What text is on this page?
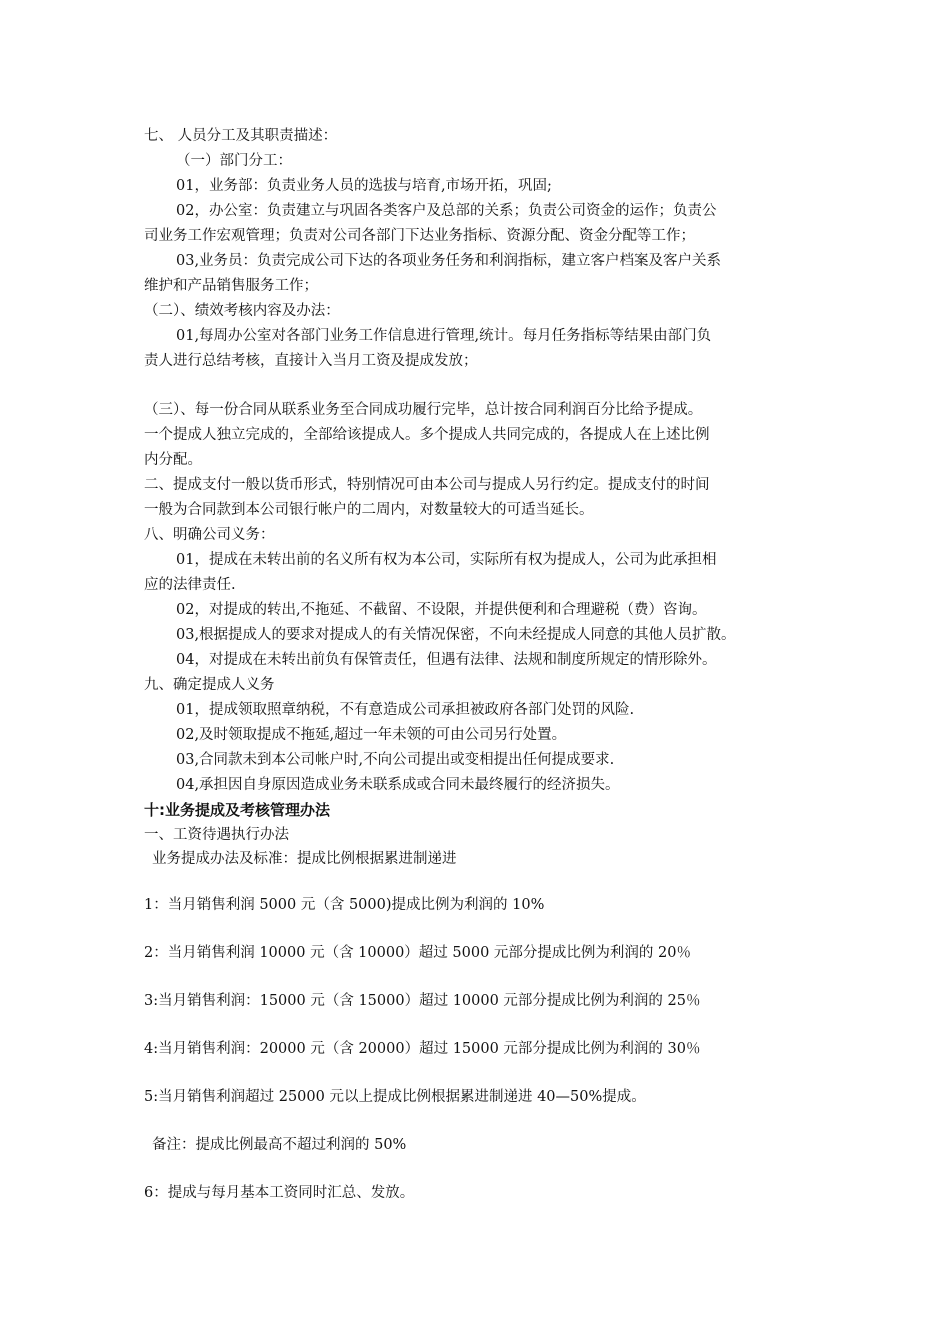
七、 人员分工及其职责描述：
（一）部门分工：
01，业务部：负责业务人员的选拔与培育,市场开拓，巩固;
02，办公室：负责建立与巩固各类客户及总部的关系；负责公司资金的运作；负责公
司业务工作宏观管理；负责对公司各部门下达业务指标、资源分配、资金分配等工作；
03,业务员：负责完成公司下达的各项业务任务和利润指标，建立客户档案及客户关系
维护和产品销售服务工作；
（二）、绩效考核内容及办法：
01,每周办公室对各部门业务工作信息进行管理,统计。每月任务指标等结果由部门负
责人进行总结考核，直接计入当月工资及提成发放；
（三）、每一份合同从联系业务至合同成功履行完毕，总计按合同利润百分比给予提成。
一个提成人独立完成的，全部给该提成人。多个提成人共同完成的，各提成人在上述比例
内分配。
二、提成支付一般以货币形式，特别情况可由本公司与提成人另行约定。提成支付的时间
一般为合同款到本公司银行帐户的二周内，对数量较大的可适当延长。
八、明确公司义务：
01，提成在未转出前的名义所有权为本公司，实际所有权为提成人，公司为此承担相
应的法律责任.
02，对提成的转出,不拖延、不截留、不设限，并提供便利和合理避税（费）咨询。
03,根据提成人的要求对提成人的有关情况保密，不向未经提成人同意的其他人员扩散。
04，对提成在未转出前负有保管责任，但遇有法律、法规和制度所规定的情形除外。
九、确定提成人义务
01，提成领取照章纳税，不有意造成公司承担被政府各部门处罚的风险.
02,及时领取提成不拖延,超过一年未领的可由公司另行处置。
03,合同款未到本公司帐户时,不向公司提出或变相提出任何提成要求.
04,承担因自身原因造成业务未联系成或合同未最终履行的经济损失。
十:业务提成及考核管理办法
一、工资待遇执行办法
业务提成办法及标准：提成比例根据累进制递进
1：当月销售利润 5000 元（含 5000)提成比例为利润的 10%
2：当月销售利润 10000 元（含 10000）超过 5000 元部分提成比例为利润的 20％
3:当月销售利润：15000 元（含 15000）超过 10000 元部分提成比例为利润的 25％
4:当月销售利润：20000 元（含 20000）超过 15000 元部分提成比例为利润的 30％
5:当月销售利润超过 25000 元以上提成比例根据累进制递进 40—50%提成。
备注：提成比例最高不超过利润的 50%
6：提成与每月基本工资同时汇总、发放。
